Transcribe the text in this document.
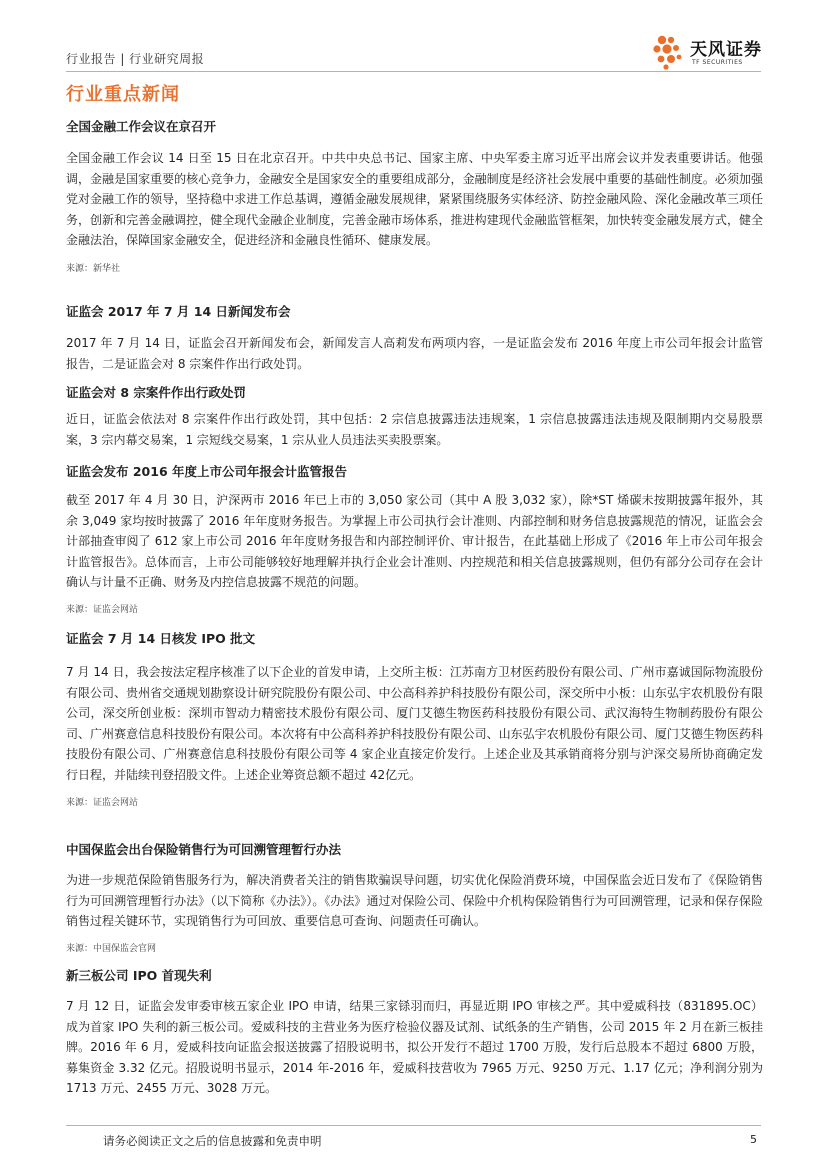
行业报告 | 行业研究周报	天风证券
TF SECURITIES
行业重点新闻
全国金融工作会议在京召开
全国金融工作会议 14 日至 15 日在北京召开。中共中央总书记、国家主席、中央军委主席习近平出席会议并发表重要讲话。他强调，金融是国家重要的核心竞争力，金融安全是国家安全的重要组成部分，金融制度是经济社会发展中重要的基础性制度。必须加强党对金融工作的领导，坚持稳中求进工作总基调，遵循金融发展规律，紧紧围绕服务实体经济、防控金融风险、深化金融改革三项任务，创新和完善金融调控，健全现代金融企业制度，完善金融市场体系，推进构建现代金融监管框架，加快转变金融发展方式，健全金融法治，保障国家金融安全，促进经济和金融良性循环、健康发展。
来源：新华社
证监会 2017 年 7 月 14 日新闻发布会
2017 年 7 月 14 日，证监会召开新闻发布会，新闻发言人高莉发布两项内容，一是证监会发布 2016 年度上市公司年报会计监管报告，二是证监会对 8 宗案件作出行政处罚。
证监会对 8 宗案件作出行政处罚
近日，证监会依法对 8 宗案件作出行政处罚，其中包括：2 宗信息披露违法违规案，1 宗信息披露违法违规及限制期内交易股票案，3 宗内幕交易案，1 宗短线交易案，1 宗从业人员违法买卖股票案。
证监会发布 2016 年度上市公司年报会计监管报告
截至 2017 年 4 月 30 日，沪深两市 2016 年已上市的 3,050 家公司（其中 A 股 3,032 家），除*ST 烯碳未按期披露年报外，其余 3,049 家均按时披露了 2016 年年度财务报告。为掌握上市公司执行会计准则、内部控制和财务信息披露规范的情况，证监会会计部抽查审阅了 612 家上市公司 2016 年年度财务报告和内部控制评价、审计报告，在此基础上形成了《2016 年上市公司年报会计监管报告》。总体而言，上市公司能够较好地理解并执行企业会计准则、内控规范和相关信息披露规则，但仍有部分公司存在会计确认与计量不正确、财务及内控信息披露不规范的问题。
来源：证监会网站
证监会 7 月 14 日核发 IPO 批文
7 月 14 日，我会按法定程序核准了以下企业的首发申请，上交所主板：江苏南方卫材医药股份有限公司、广州市嘉诚国际物流股份有限公司、贵州省交通规划勘察设计研究院股份有限公司、中公高科养护科技股份有限公司，深交所中小板：山东弘宇农机股份有限公司，深交所创业板：深圳市智动力精密技术股份有限公司、厦门艾德生物医药科技股份有限公司、武汉海特生物制药股份有限公司、广州赛意信息科技股份有限公司。本次将有中公高科养护科技股份有限公司、山东弘宇农机股份有限公司、厦门艾德生物医药科技股份有限公司、广州赛意信息科技股份有限公司等 4 家企业直接定价发行。上述企业及其承销商将分别与沪深交易所协商确定发行日程，并陆续刊登招股文件。上述企业筹资总额不超过 42亿元。
来源：证监会网站
中国保监会出台保险销售行为可回溯管理暂行办法
为进一步规范保险销售服务行为，解决消费者关注的销售欺骗误导问题，切实优化保险消费环境，中国保监会近日发布了《保险销售行为可回溯管理暂行办法》（以下简称《办法》）。《办法》通过对保险公司、保险中介机构保险销售行为可回溯管理，记录和保存保险销售过程关键环节，实现销售行为可回放、重要信息可查询、问题责任可确认。
来源：中国保监会官网
新三板公司 IPO 首现失利
7 月 12 日，证监会发审委审核五家企业 IPO 申请，结果三家铩羽而归，再显近期 IPO 审核之严。其中爱威科技（831895.OC）成为首家 IPO 失利的新三板公司。爱威科技的主营业务为医疗检验仪器及试剂、试纸条的生产销售，公司 2015 年 2 月在新三板挂牌。2016 年 6 月，爱威科技向证监会报送披露了招股说明书，拟公开发行不超过 1700 万股，发行后总股本不超过 6800 万股，募集资金 3.32 亿元。招股说明书显示，2014 年-2016 年，爱威科技营收为 7965 万元、9250 万元、1.17 亿元；净利润分别为 1713 万元、2455 万元、3028 万元。
请务必阅读正文之后的信息披露和免责申明	5
